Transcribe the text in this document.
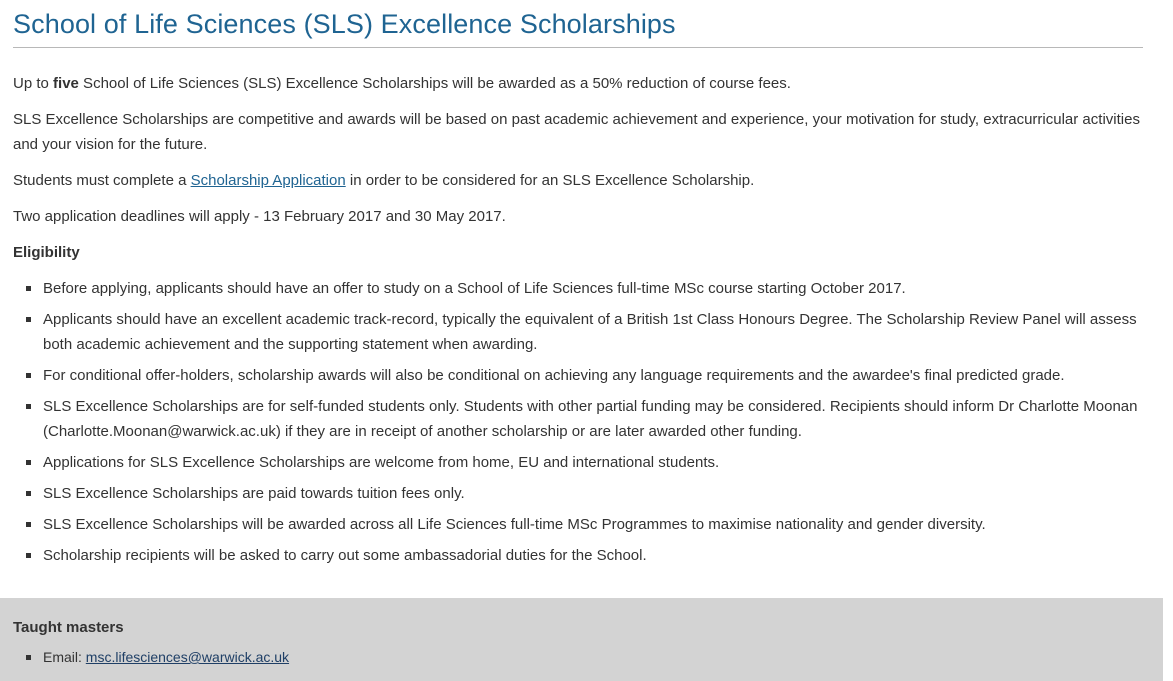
School of Life Sciences (SLS) Excellence Scholarships

Up to five School of Life Sciences (SLS) Excellence Scholarships will be awarded as a 50% reduction of course fees.

SLS Excellence Scholarships are competitive and awards will be based on past academic achievement and experience, your motivation for study, extracurricular activities and your vision for the future.

Students must complete a Scholarship Application in order to be considered for an SLS Excellence Scholarship.

Two application deadlines will apply - 13 February 2017 and 30 May 2017.

Eligibility

Before applying, applicants should have an offer to study on a School of Life Sciences full-time MSc course starting October 2017.
Applicants should have an excellent academic track-record, typically the equivalent of a British 1st Class Honours Degree. The Scholarship Review Panel will assess both academic achievement and the supporting statement when awarding.
For conditional offer-holders, scholarship awards will also be conditional on achieving any language requirements and the awardee's final predicted grade.
SLS Excellence Scholarships are for self-funded students only. Students with other partial funding may be considered. Recipients should inform Dr Charlotte Moonan (Charlotte.Moonan@warwick.ac.uk) if they are in receipt of another scholarship or are later awarded other funding.
Applications for SLS Excellence Scholarships are welcome from home, EU and international students.
SLS Excellence Scholarships are paid towards tuition fees only.
SLS Excellence Scholarships will be awarded across all Life Sciences full-time MSc Programmes to maximise nationality and gender diversity.
Scholarship recipients will be asked to carry out some ambassadorial duties for the School.
Taught masters
Email: msc.lifesciences@warwick.ac.uk
